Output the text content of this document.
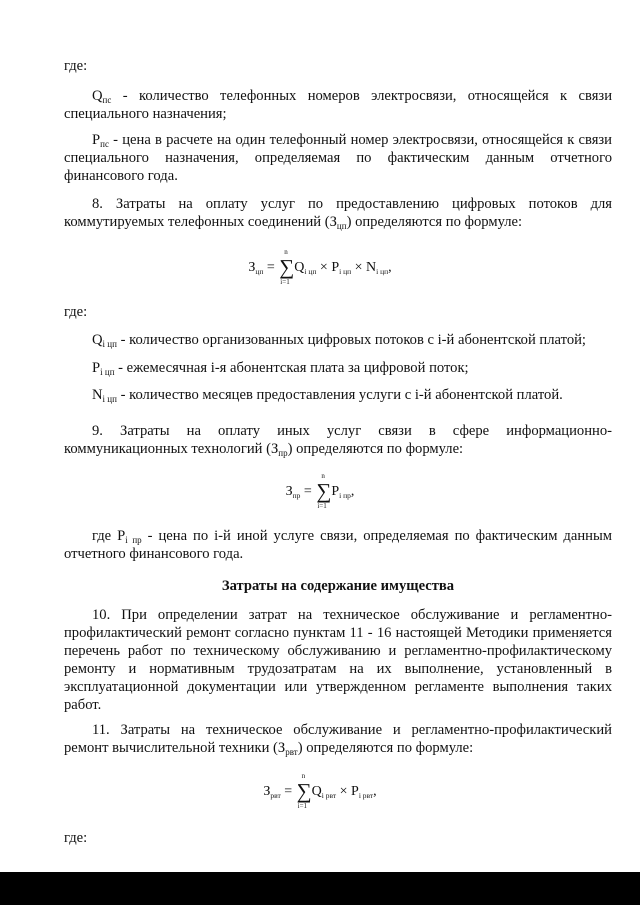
где:

$Q_{пс}$ - количество телефонных номеров электросвязи, относящейся к связи специального назначения;

$P_{пс}$ - цена в расчете на один телефонный номер электросвязи, относящейся к связи специального назначения, определяемая по фактическим данным отчетного финансового года.

8. Затраты на оплату услуг по предоставлению цифровых потоков для коммутируемых телефонных соединений $(З_{цп})$ определяются по формуле:

$З_{цп}$ =
n
∑
i=1
$Q_{i цп} \times P_{i цп} \times N_{i цп}$,

где:

$Q_{i цп}$ - количество организованных цифровых потоков с i-й абонентской платой;

$P_{i цп}$ - ежемесячная i-я абонентская плата за цифровой поток;

$N_{i цп}$ - количество месяцев предоставления услуги с i-й абонентской платой.

9. Затраты на оплату иных услуг связи в сфере информационно-коммуникационных технологий $(З_{пр})$ определяются по формуле:

$З_{пр}$ =
n
∑
i=1
$P_{i пр}$,

где $P_{i пр}$ - цена по i-й иной услуге связи, определяемая по фактическим данным отчетного финансового года.

Затраты на содержание имущества

10. При определении затрат на техническое обслуживание и регламентно-профилактический ремонт согласно пунктам 11 - 16 настоящей Методики применяется перечень работ по техническому обслуживанию и регламентно-профилактическому ремонту и нормативным трудозатратам на их выполнение, установленный в эксплуатационной документации или утвержденном регламенте выполнения таких работ.

11. Затраты на техническое обслуживание и регламентно-профилактический ремонт вычислительной техники $(З_{рвт})$ определяются по формуле:

$З_{рвт}$ =
n
∑
i=1
$Q_{i рвт} \times P_{i рвт}$,

где:
